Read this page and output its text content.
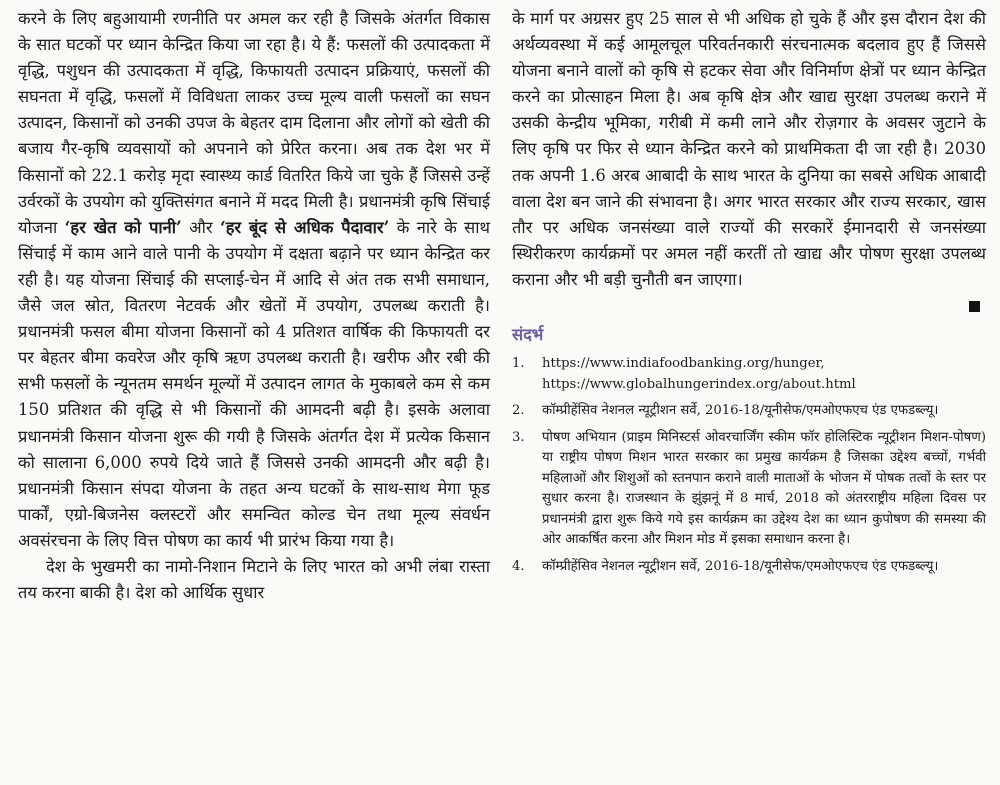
करने के लिए बहुआयामी रणनीति पर अमल कर रही है जिसके अंतर्गत विकास के सात घटकों पर ध्यान केन्द्रित किया जा रहा है। ये हैं: फसलों की उत्पादकता में वृद्धि, पशुधन की उत्पादकता में वृद्धि, किफायती उत्पादन प्रक्रियाएं, फसलों की सघनता में वृद्धि, फसलों में विविधता लाकर उच्च मूल्य वाली फसलों का सघन उत्पादन, किसानों को उनकी उपज के बेहतर दाम दिलाना और लोगों को खेती की बजाय गैर-कृषि व्यवसायों को अपनाने को प्रेरित करना। अब तक देश भर में किसानों को 22.1 करोड़ मृदा स्वास्थ्य कार्ड वितरित किये जा चुके हैं जिससे उन्हें उर्वरकों के उपयोग को युक्तिसंगत बनाने में मदद मिली है। प्रधानमंत्री कृषि सिंचाई योजना ‘हर खेत को पानी’ और ‘हर बूंद से अधिक पैदावार’ के नारे के साथ सिंचाई में काम आने वाले पानी के उपयोग में दक्षता बढ़ाने पर ध्यान केन्द्रित कर रही है। यह योजना सिंचाई की सप्लाई-चेन में आदि से अंत तक सभी समाधान, जैसे जल स्रोत, वितरण नेटवर्क और खेतों में उपयोग, उपलब्ध कराती है। प्रधानमंत्री फसल बीमा योजना किसानों को 4 प्रतिशत वार्षिक की किफायती दर पर बेहतर बीमा कवरेज और कृषि ऋण उपलब्ध कराती है। खरीफ और रबी की सभी फसलों के न्यूनतम समर्थन मूल्यों में उत्पादन लागत के मुकाबले कम से कम 150 प्रतिशत की वृद्धि से भी किसानों की आमदनी बढ़ी है। इसके अलावा प्रधानमंत्री किसान योजना शुरू की गयी है जिसके अंतर्गत देश में प्रत्येक किसान को सालाना 6,000 रुपये दिये जाते हैं जिससे उनकी आमदनी और बढ़ी है। प्रधानमंत्री किसान संपदा योजना के तहत अन्य घटकों के साथ-साथ मेगा फूड पार्कों, एग्रो-बिजनेस क्लस्टरों और समन्वित कोल्ड चेन तथा मूल्य संवर्धन अवसंरचना के लिए वित्त पोषण का कार्य भी प्रारंभ किया गया है।

देश के भुखमरी का नामो-निशान मिटाने के लिए भारत को अभी लंबा रास्ता तय करना बाकी है। देश को आर्थिक सुधार

के मार्ग पर अग्रसर हुए 25 साल से भी अधिक हो चुके हैं और इस दौरान देश की अर्थव्यवस्था में कई आमूलचूल परिवर्तनकारी संरचनात्मक बदलाव हुए हैं जिससे योजना बनाने वालों को कृषि से हटकर सेवा और विनिर्माण क्षेत्रों पर ध्यान केन्द्रित करने का प्रोत्साहन मिला है। अब कृषि क्षेत्र और खाद्य सुरक्षा उपलब्ध कराने में उसकी केन्द्रीय भूमिका, गरीबी में कमी लाने और रोज़गार के अवसर जुटाने के लिए कृषि पर फिर से ध्यान केन्द्रित करने को प्राथमिकता दी जा रही है। 2030 तक अपनी 1.6 अरब आबादी के साथ भारत के दुनिया का सबसे अधिक आबादी वाला देश बन जाने की संभावना है। अगर भारत सरकार और राज्य सरकार, खास तौर पर अधिक जनसंख्या वाले राज्यों की सरकारें ईमानदारी से जनसंख्या स्थिरीकरण कार्यक्रमों पर अमल नहीं करतीं तो खाद्य और पोषण सुरक्षा उपलब्ध कराना और भी बड़ी चुनौती बन जाएगा।

संदर्भ
1. https://www.indiafoodbanking.org/hunger, https://www.globalhungerindex.org/about.html
2. कॉम्प्रीहेंसिव नेशनल न्यूट्रीशन सर्वे, 2016-18/यूनीसेफ/एमओएफएच एंड एफडब्ल्यू।
3. पोषण अभियान (प्राइम मिनिस्टर्स ओवरचार्जिंग स्कीम फॉर होलिस्टिक न्यूट्रीशन मिशन-पोषण) या राष्ट्रीय पोषण मिशन भारत सरकार का प्रमुख कार्यक्रम है जिसका उद्देश्य बच्चों, गर्भवी महिलाओं और शिशुओं को स्तनपान कराने वाली माताओं के भोजन में पोषक तत्वों के स्तर पर सुधार करना है। राजस्थान के झुंझनूं में 8 मार्च, 2018 को अंतरराष्ट्रीय महिला दिवस पर प्रधानमंत्री द्वारा शुरू किये गये इस कार्यक्रम का उद्देश्य देश का ध्यान कुपोषण की समस्या की ओर आकर्षित करना और मिशन मोड में इसका समाधान करना है।
4. कॉम्प्रीहेंसिव नेशनल न्यूट्रीशन सर्वे, 2016-18/यूनीसेफ/एमओएफएच एंड एफडब्ल्यू।
